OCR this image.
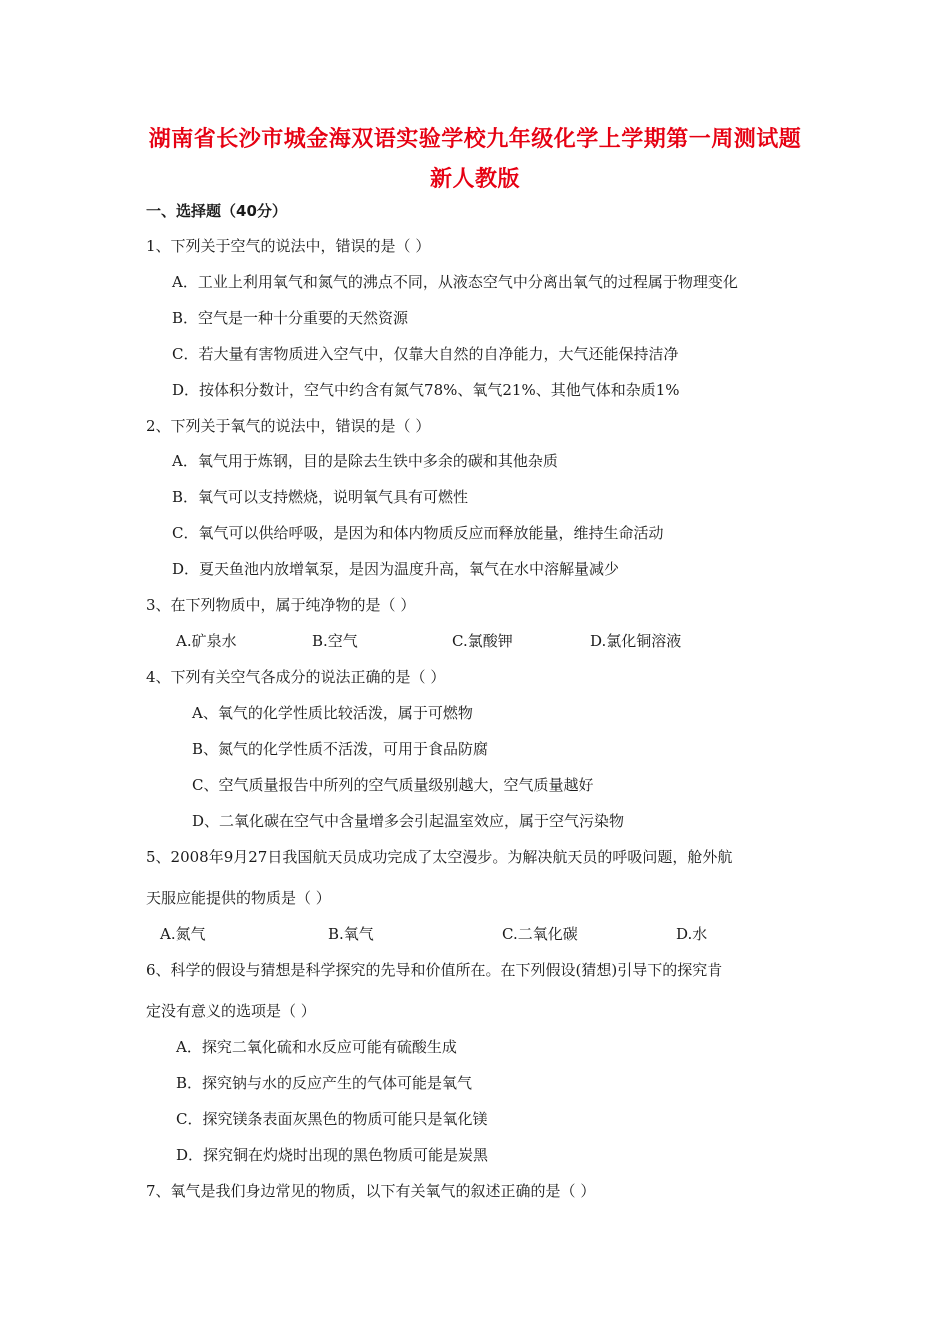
湖南省长沙市城金海双语实验学校九年级化学上学期第一周测试题
新人教版
一、选择题（40分）
1、下列关于空气的说法中，错误的是（ ）
A．工业上利用氧气和氮气的沸点不同，从液态空气中分离出氧气的过程属于物理变化
B．空气是一种十分重要的天然资源
C．若大量有害物质进入空气中，仅靠大自然的自净能力，大气还能保持洁净
D．按体积分数计，空气中约含有氮气78%、氧气21%、其他气体和杂质1%
2、下列关于氧气的说法中，错误的是（ ）
A．氧气用于炼钢，目的是除去生铁中多余的碳和其他杂质
B．氧气可以支持燃烧，说明氧气具有可燃性
C．氧气可以供给呼吸，是因为和体内物质反应而释放能量，维持生命活动
D．夏天鱼池内放增氧泵，是因为温度升高，氧气在水中溶解量减少
3、在下列物质中，属于纯净物的是（ ）
A.矿泉水	B.空气	C.氯酸钾	D.氯化铜溶液
4、下列有关空气各成分的说法正确的是（ ）
A、氧气的化学性质比较活泼，属于可燃物
B、氮气的化学性质不活泼，可用于食品防腐
C、空气质量报告中所列的空气质量级别越大，空气质量越好
D、二氧化碳在空气中含量增多会引起温室效应，属于空气污染物
5、2008年9月27日我国航天员成功完成了太空漫步。为解决航天员的呼吸问题，舱外航
天服应能提供的物质是（ ）
A.氮气	B.氧气	C.二氧化碳	D.水
6、科学的假设与猜想是科学探究的先导和价值所在。在下列假设(猜想)引导下的探究肯
定没有意义的选项是（ ）
A．探究二氧化硫和水反应可能有硫酸生成
B．探究钠与水的反应产生的气体可能是氧气
C．探究镁条表面灰黑色的物质可能只是氧化镁
D．探究铜在灼烧时出现的黑色物质可能是炭黑
7、氧气是我们身边常见的物质，以下有关氧气的叙述正确的是（ ）
